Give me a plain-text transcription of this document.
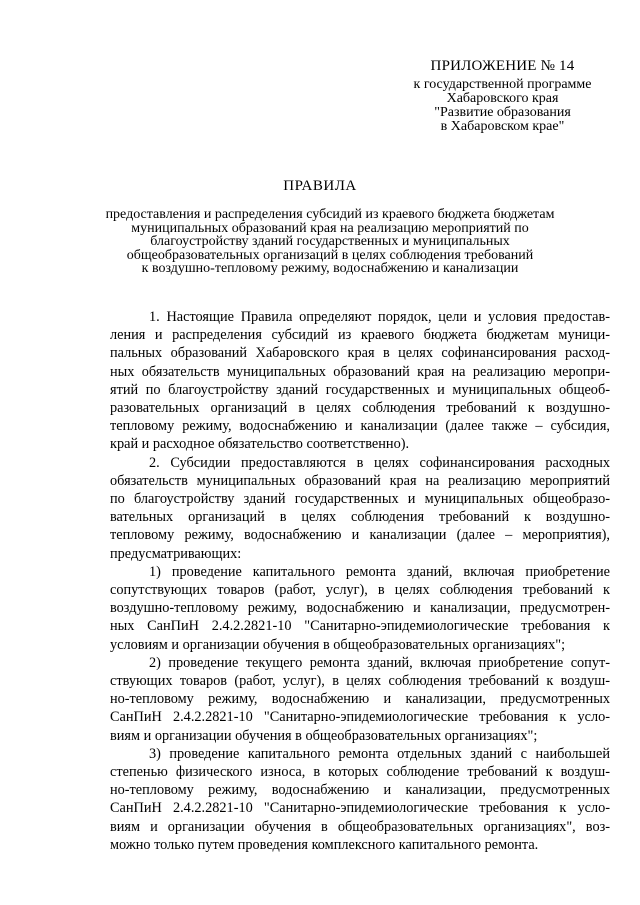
ПРИЛОЖЕНИЕ № 14
к государственной программе
Хабаровского края
"Развитие образования
в Хабаровском крае"
ПРАВИЛА
предоставления и распределения субсидий из краевого бюджета бюджетам
муниципальных образований края на реализацию мероприятий по
благоустройству зданий государственных и муниципальных
общеобразовательных организаций в целях соблюдения требований
к воздушно-тепловому режиму, водоснабжению и канализации
1. Настоящие Правила определяют порядок, цели и условия предостав-
ления и распределения субсидий из краевого бюджета бюджетам муници-
пальных образований Хабаровского края в целях софинансирования расход-
ных обязательств муниципальных образований края на реализацию меропри-
ятий по благоустройству зданий государственных и муниципальных общеоб-
разовательных организаций в целях соблюдения требований к воздушно-
тепловому режиму, водоснабжению и канализации (далее также – субсидия,
край и расходное обязательство соответственно).
2. Субсидии предоставляются в целях софинансирования расходных
обязательств муниципальных образований края на реализацию мероприятий
по благоустройству зданий государственных и муниципальных общеобразо-
вательных организаций в целях соблюдения требований к воздушно-
тепловому режиму, водоснабжению и канализации (далее – мероприятия),
предусматривающих:
1) проведение капитального ремонта зданий, включая приобретение
сопутствующих товаров (работ, услуг), в целях соблюдения требований к
воздушно-тепловому режиму, водоснабжению и канализации, предусмотрен-
ных СанПиН 2.4.2.2821-10 "Санитарно-эпидемиологические требования к
условиям и организации обучения в общеобразовательных организациях";
2) проведение текущего ремонта зданий, включая приобретение сопут-
ствующих товаров (работ, услуг), в целях соблюдения требований к воздуш-
но-тепловому режиму, водоснабжению и канализации, предусмотренных
СанПиН 2.4.2.2821-10 "Санитарно-эпидемиологические требования к усло-
виям и организации обучения в общеобразовательных организациях";
3) проведение капитального ремонта отдельных зданий с наибольшей
степенью физического износа, в которых соблюдение требований к воздуш-
но-тепловому режиму, водоснабжению и канализации, предусмотренных
СанПиН 2.4.2.2821-10 "Санитарно-эпидемиологические требования к усло-
виям и организации обучения в общеобразовательных организациях", воз-
можно только путем проведения комплексного капитального ремонта.
